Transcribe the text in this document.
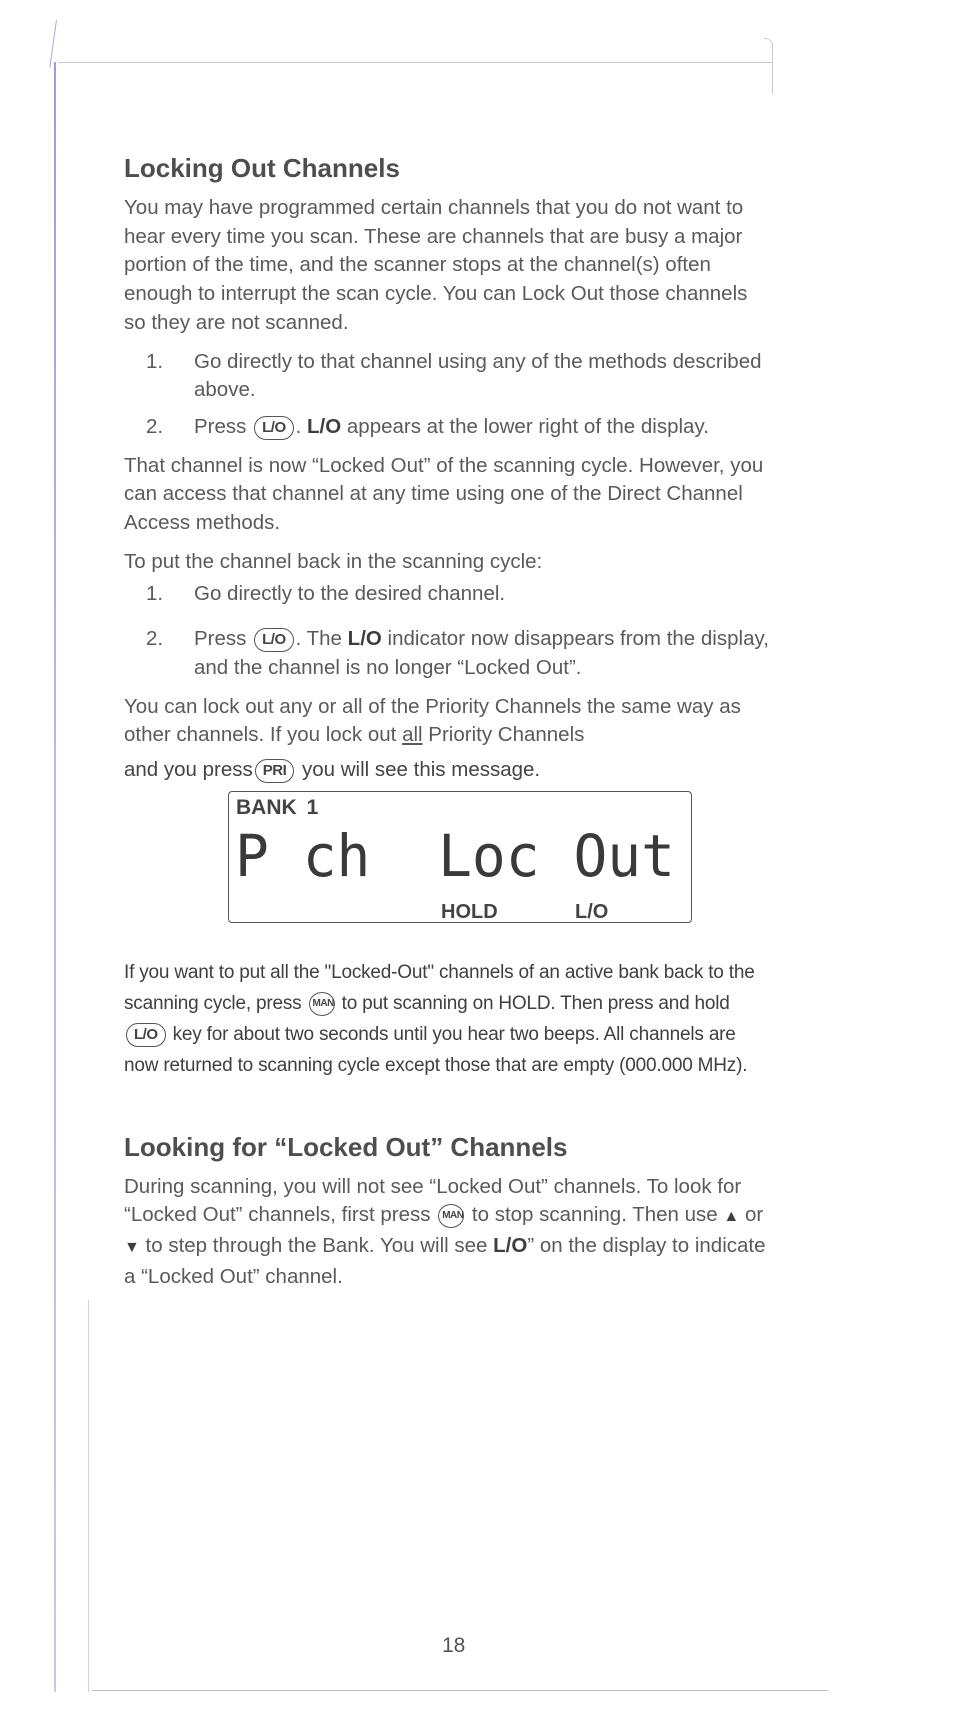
Locking Out Channels

You may have programmed certain channels that you do not want to hear every time you scan. These are channels that are busy a major portion of the time, and the scanner stops at the channel(s) often enough to interrupt the scan cycle. You can Lock Out those channels so they are not scanned.

1. Go directly to that channel using any of the methods described above.
2. Press L/O . L/O appears at the lower right of the display.

That channel is now “Locked Out” of the scanning cycle. However, you can access that channel at any time using one of the Direct Channel Access methods.

To put the channel back in the scanning cycle:

1. Go directly to the desired channel.
2. Press L/O . The L/O indicator now disappears from the display, and the channel is no longer “Locked Out”.

You can lock out any or all of the Priority Channels the same way as other channels. If you lock out all Priority Channels

and you press PRI you will see this message.

BANK 1
P ch  Loc Out
HOLD	L/O
If you want to put all the "Locked-Out" channels of an active bank back to the scanning cycle, press MAN to put scanning on HOLD. Then press and hold L/O key for about two seconds until you hear two beeps. All channels are now returned to scanning cycle except those that are empty (000.000 MHz).
Looking for “Locked Out” Channels

During scanning, you will not see “Locked Out” channels. To look for “Locked Out” channels, first press MAN to stop scanning. Then use ▲ or ▼ to step through the Bank. You will see L/O” on the display to indicate a “Locked Out” channel.

18
